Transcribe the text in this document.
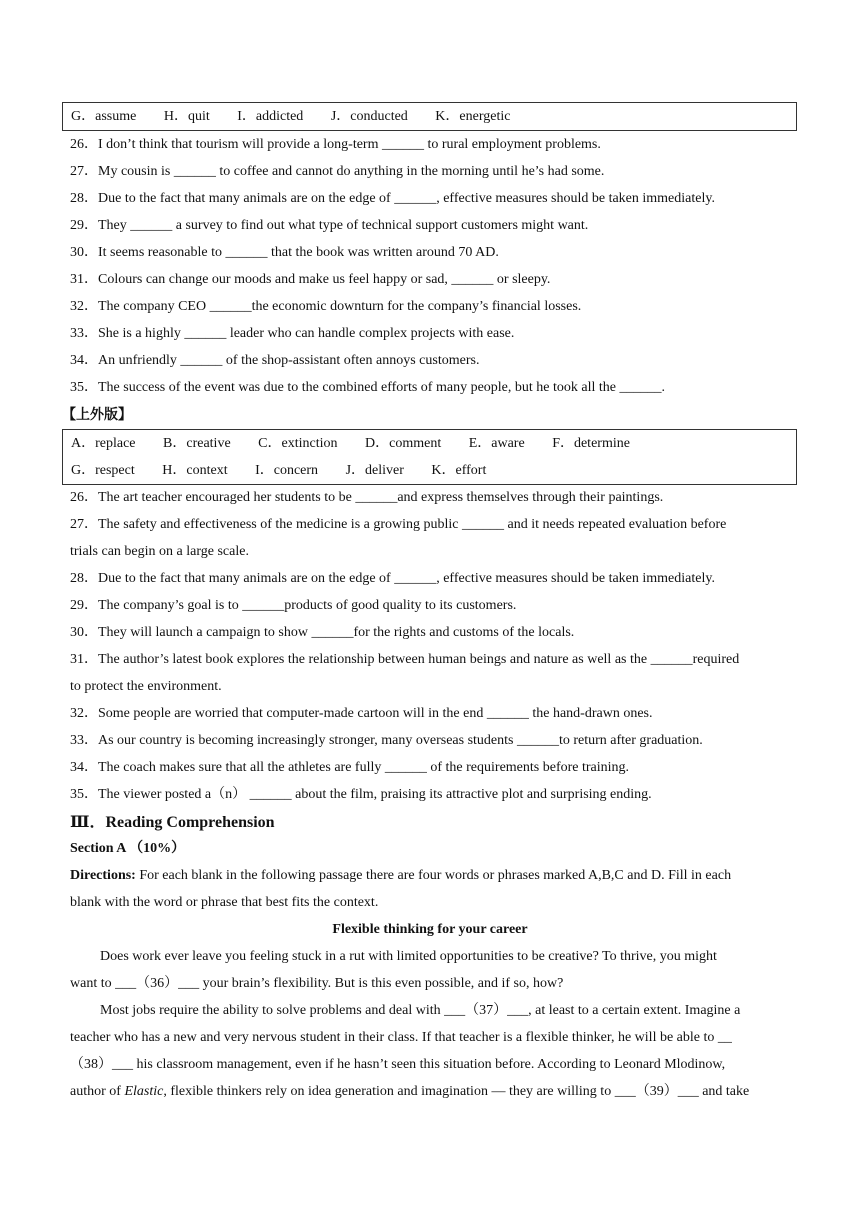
G．assume H．quit I．addicted J．conducted K．energetic
26．I don’t think that tourism will provide a long-term ______ to rural employment problems.
27．My cousin is ______ to coffee and cannot do anything in the morning until he’s had some.
28．Due to the fact that many animals are on the edge of ______, effective measures should be taken immediately.
29．They ______ a survey to find out what type of technical support customers might want.
30．It seems reasonable to ______ that the book was written around 70 AD.
31．Colours can change our moods and make us feel happy or sad, ______ or sleepy.
32．The company CEO ______the economic downturn for the company’s financial losses.
33．She is a highly ______ leader who can handle complex projects with ease.
34．An unfriendly ______ of the shop-assistant often annoys customers.
35．The success of the event was due to the combined efforts of many people, but he took all the ______.
【上外版】
A．replace B．creative C．extinction D．comment E．aware F．determine
G．respect H．context I．concern J．deliver K．effort
26．The art teacher encouraged her students to be ______and express themselves through their paintings.
27．The safety and effectiveness of the medicine is a growing public ______ and it needs repeated evaluation before
trials can begin on a large scale.
28．Due to the fact that many animals are on the edge of ______, effective measures should be taken immediately.
29．The company’s goal is to ______products of good quality to its customers.
30．They will launch a campaign to show ______for the rights and customs of the locals.
31．The author’s latest book explores the relationship between human beings and nature as well as the ______required
to protect the environment.
32．Some people are worried that computer-made cartoon will in the end ______ the hand-drawn ones.
33．As our country is becoming increasingly stronger, many overseas students ______to return after graduation.
34．The coach makes sure that all the athletes are fully ______ of the requirements before training.
35．The viewer posted a（n） ______ about the film, praising its attractive plot and surprising ending.
Ⅲ．Reading Comprehension
Section A （10%）
Directions: For each blank in the following passage there are four words or phrases marked A,B,C and D. Fill in each
blank with the word or phrase that best fits the context.
Flexible thinking for your career
Does work ever leave you feeling stuck in a rut with limited opportunities to be creative? To thrive, you might
want to ___（36）___ your brain’s flexibility. But is this even possible, and if so, how?
Most jobs require the ability to solve problems and deal with ___（37）___, at least to a certain extent. Imagine a
teacher who has a new and very nervous student in their class. If that teacher is a flexible thinker, he will be able to __
（38）___ his classroom management, even if he hasn’t seen this situation before. According to Leonard Mlodinow,
author of Elastic, flexible thinkers rely on idea generation and imagination — they are willing to ___（39）___ and take
